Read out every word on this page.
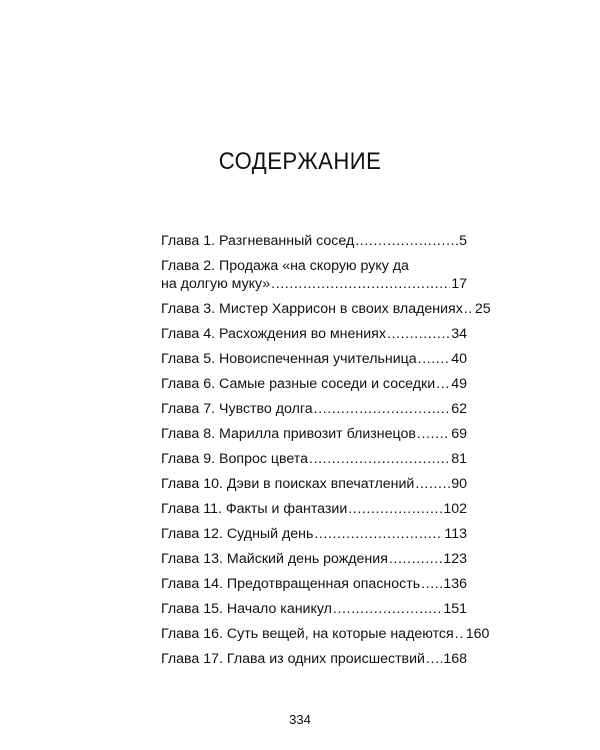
СОДЕРЖАНИЕ
Глава 1. Разгневанный сосед .....	5
Глава 2. Продажа «на скорую руку да
на долгую муку» .....	17
Глава 3. Мистер Харрисон в своих владениях ..... 25
Глава 4. Расхождения во мнениях .....	34
Глава 5. Новоиспеченная учительница ..... 40
Глава 6. Самые разные соседи и соседки ..... 49
Глава 7. Чувство долга .....	62
Глава 8. Марилла привозит близнецов ..... 69
Глава 9. Вопрос цвета .....	81
Глава 10. Дэви в поисках впечатлений .....	90
Глава 11. Факты и фантазии .....	102
Глава 12. Судный день .....	113
Глава 13. Майский день рождения .....	123
Глава 14. Предотвращенная опасность ..... 136
Глава 15. Начало каникул .....	151
Глава 16. Суть вещей, на которые надеются ..... 160
Глава 17. Глава из одних происшествий ..... 168
334
